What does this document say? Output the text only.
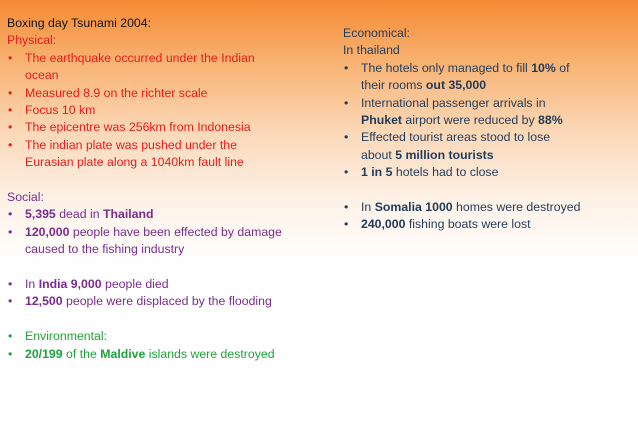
Boxing day Tsunami 2004:
Physical:
• The earthquake occurred under the Indian
ocean
• Measured 8.9 on the richter scale
• Focus 10 km
• The epicentre was 256km from Indonesia
• The indian plate was pushed under the
Eurasian plate along a 1040km fault line
Social:
• 5,395 dead in Thailand
• 120,000 people have been effected by damage
caused to the fishing industry
• In India 9,000 people died
• 12,500 people were displaced by the flooding
• Environmental:
• 20/199 of the Maldive islands were destroyed
Economical:
In thailand
• The hotels only managed to fill 10% of
their rooms out 35,000
• International passenger arrivals in
Phuket airport were reduced by 88%
• Effected tourist areas stood to lose
about 5 million tourists
• 1 in 5 hotels had to close
• In Somalia 1000 homes were destroyed
• 240,000 fishing boats were lost
